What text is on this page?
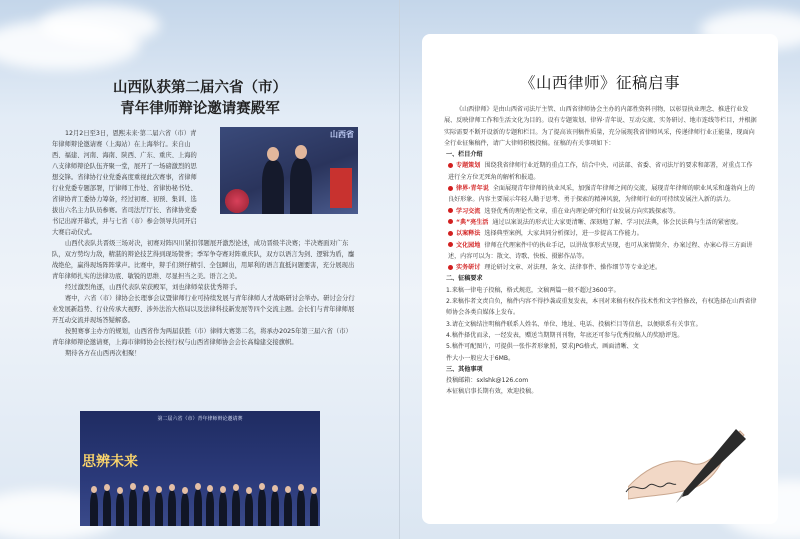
山西队获第二届六省（市）
青年律师辩论邀请赛殿军

12月2日至3日，恩熙未来·第二届六省（市）青年律师辩论邀请赛（上海站）在上海举行。来自山西、福建、河南、海南、陕西、广东、重庆、上海的八支律师辩论队伍齐聚一堂，展开了一场磅激烈的思想交锋。省律协行业党委高度重视此次赛事，省律师行业党委专题部署，厅律师工作处、省律协秘书处、省律协青工委协力筹备，经过初赛、初预、集训、选拔出六名主力队员参赛。省司法厅厅长、省律协党委书记出席开幕式，并与七省（市）参会领导共同开启大赛启动仪式。

山西代表队共晋级三场对决，初赛对阵四川紧扣邻题展开激烈论述，成功晋级半决赛；半决赛面对广东队，双方势均力敌，精湛的辩论技艺得到现场赞誉；季军争夺赛对阵重庆队，双方以语言为剑、逻辑为盾，鏖战绝伦，赢得现场阵阵掌声。比赛中，辩手们须仔精引、全包瞬出，用犀利的语言直抵问题要害，充分展现出青年律师扎实的法律功底、敏锐的思维、尽显担当之美。语言之美。

经过激烈角逐，山西代表队荣获殿军，刘也律师荣获优秀辩手。

赛中，六省（市）律协会长理事会议暨律师行业可持续发展与青年律师人才战略研讨会举办。研讨会分行业发展新趋势、行业传承大视野、涉外法治大格局以及法律科技新发展等四个交流主题。会长们与青年律师展开互动交流并现场答疑解惑。

按照赛事主办方的规划，山西省作为两届获胜（市）律师大赛第二名，将承办2025年第三届六省（市）青年律师辩论邀请赛，上海市律师协会长按行权与山西省律师协会会长高翰建交接旗帜。

期待各方在山西再次相聚！

山西省
第二届六省（市）青年律师辩论邀请赛
思辨未来
《山西律师》征稿启事

《山西律师》是由山西省司法厅主管、山西省律师协会主办的内部性资料刊物，以彰显执业理念、推进行业发展、反映律师工作和生活文化为目的。设有专题策划、律界·青年说、互动交流、实务研讨、地市连线等栏目，并根据实际需要不断开设新的专题和栏目。为了提高该刊稿件质量，充分展现我省律师风采，传递律师行业正能量，现面向全行业征集稿件，请广大律师积极投稿。征稿的有关事项如下：

一、栏目介绍
专题策划 围绕我省律师行业近期的重点工作，结合中央、司法部、省委、省司法厅的要求和部署，对重点工作进行全方位无死角的解析和报道。
律界·青年说 全面展现青年律师的执业风采，加强青年律师之间的交流，展现青年律师的职业风采和蓬勃向上的良好形象。内容主要展示年轻人勤于思考、勇于探索的精神风貌，为律师行业的可持续发展注入新的活力。
学习交流 选登优秀的理论性文章，重在业内理论研究和行业发展方向实践探索等。
“典”亮生活 通过以案说法的形式让大家更清晰、深刻地了解、学习民法典，体会民法典与生活的紧密度。
以案释法 选择典型案例，大家共同分析探讨，进一步提高工作能力。
文化园地 律师在代理案件中的执业手记，以讲故事形式呈现，也可从案情简介、办案过程、办案心得三方面讲述，内容可以为：散文、诗歌、快板、摄影作品等。
实务研讨 理论研讨文章、对法理、条文、法律事件、操作细节等专业论述。
二、征稿要求
1.来稿一律电子投稿，格式规范，文稿两篇一般不超过3600字。
2.来稿作者文责自负，稿件内容不得抄袭或重复发表，本刊对来稿有权作技术性和文字性修改，有权选择在山西省律师协会各类自媒体上发布。
3.请在文稿结注明稿件联系人姓名、单位、地址、电话、投稿栏目等信息，以便联系有关事宜。
4.稿件择优而录，一经发表，赠送当期期刊刊物，年底还可参与优秀投稿人的奖励评选。
5.稿件可配图片，可提供一张作者形象照，要求JPG格式，画面清晰、文件大小一般应大于6MB。
三、其他事项
投稿邮箱：sxlshk@126.com
本征稿启事长期有效，欢迎投稿。
